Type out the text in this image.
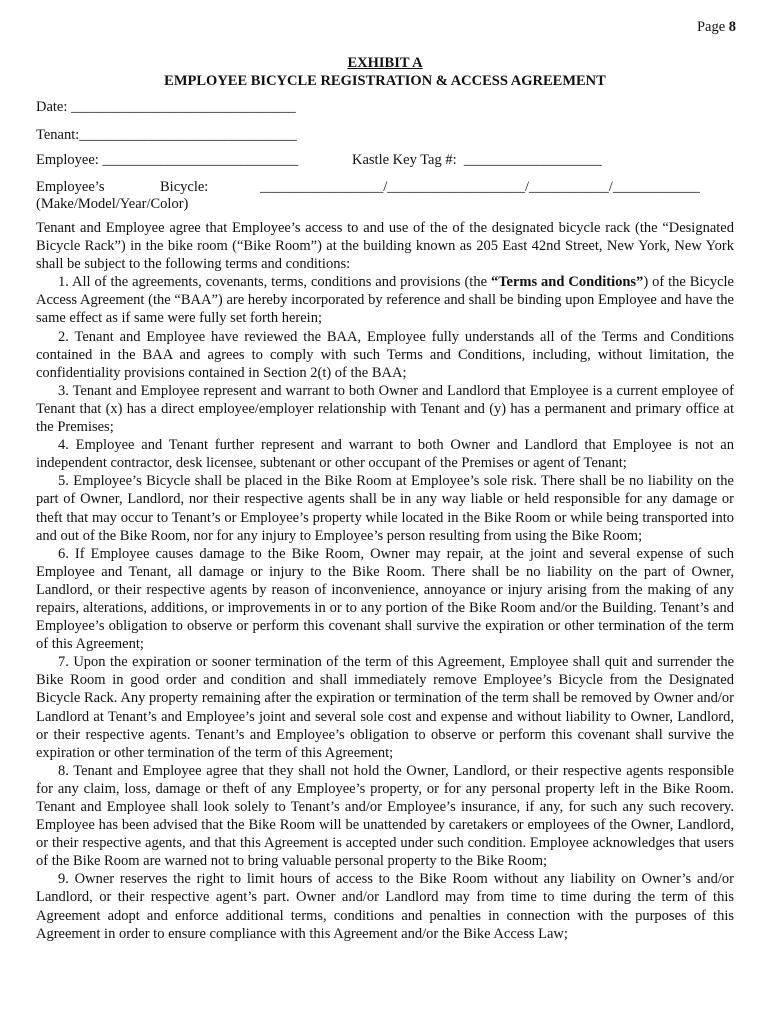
Page 8
EXHIBIT A
EMPLOYEE BICYCLE REGISTRATION & ACCESS AGREEMENT
Date: _______________________________
Tenant:______________________________
Employee: ___________________________	Kastle Key Tag #:  ___________________
Employee’s	Bicycle:	_________________/___________________/___________/____________
(Make/Model/Year/Color)

Tenant and Employee agree that Employee’s access to and use of the of the designated bicycle rack (the “Designated Bicycle Rack”) in the bike room (“Bike Room”) at the building known as 205 East 42nd Street, New York, New York shall be subject to the following terms and conditions:

1. All of the agreements, covenants, terms, conditions and provisions (the “Terms and Conditions”) of the Bicycle Access Agreement (the “BAA”) are hereby incorporated by reference and shall be binding upon Employee and have the same effect as if same were fully set forth herein;

2. Tenant and Employee have reviewed the BAA, Employee fully understands all of the Terms and Conditions contained in the BAA and agrees to comply with such Terms and Conditions, including, without limitation, the confidentiality provisions contained in Section 2(t) of the BAA;

3. Tenant and Employee represent and warrant to both Owner and Landlord that Employee is a current employee of Tenant that (x) has a direct employee/employer relationship with Tenant and (y) has a permanent and primary office at the Premises;

4. Employee and Tenant further represent and warrant to both Owner and Landlord that Employee is not an independent contractor, desk licensee, subtenant or other occupant of the Premises or agent of Tenant;

5. Employee’s Bicycle shall be placed in the Bike Room at Employee’s sole risk. There shall be no liability on the part of Owner, Landlord, nor their respective agents shall be in any way liable or held responsible for any damage or theft that may occur to Tenant’s or Employee’s property while located in the Bike Room or while being transported into and out of the Bike Room, nor for any injury to Employee’s person resulting from using the Bike Room;

6. If Employee causes damage to the Bike Room, Owner may repair, at the joint and several expense of such Employee and Tenant, all damage or injury to the Bike Room. There shall be no liability on the part of Owner, Landlord, or their respective agents by reason of inconvenience, annoyance or injury arising from the making of any repairs, alterations, additions, or improvements in or to any portion of the Bike Room and/or the Building. Tenant’s and Employee’s obligation to observe or perform this covenant shall survive the expiration or other termination of the term of this Agreement;

7. Upon the expiration or sooner termination of the term of this Agreement, Employee shall quit and surrender the Bike Room in good order and condition and shall immediately remove Employee’s Bicycle from the Designated Bicycle Rack. Any property remaining after the expiration or termination of the term shall be removed by Owner and/or Landlord at Tenant’s and Employee’s joint and several sole cost and expense and without liability to Owner, Landlord, or their respective agents. Tenant’s and Employee’s obligation to observe or perform this covenant shall survive the expiration or other termination of the term of this Agreement;

8. Tenant and Employee agree that they shall not hold the Owner, Landlord, or their respective agents responsible for any claim, loss, damage or theft of any Employee’s property, or for any personal property left in the Bike Room. Tenant and Employee shall look solely to Tenant’s and/or Employee’s insurance, if any, for such any such recovery. Employee has been advised that the Bike Room will be unattended by caretakers or employees of the Owner, Landlord, or their respective agents, and that this Agreement is accepted under such condition. Employee acknowledges that users of the Bike Room are warned not to bring valuable personal property to the Bike Room;

9. Owner reserves the right to limit hours of access to the Bike Room without any liability on Owner’s and/or Landlord, or their respective agent’s part. Owner and/or Landlord may from time to time during the term of this Agreement adopt and enforce additional terms, conditions and penalties in connection with the purposes of this Agreement in order to ensure compliance with this Agreement and/or the Bike Access Law;
